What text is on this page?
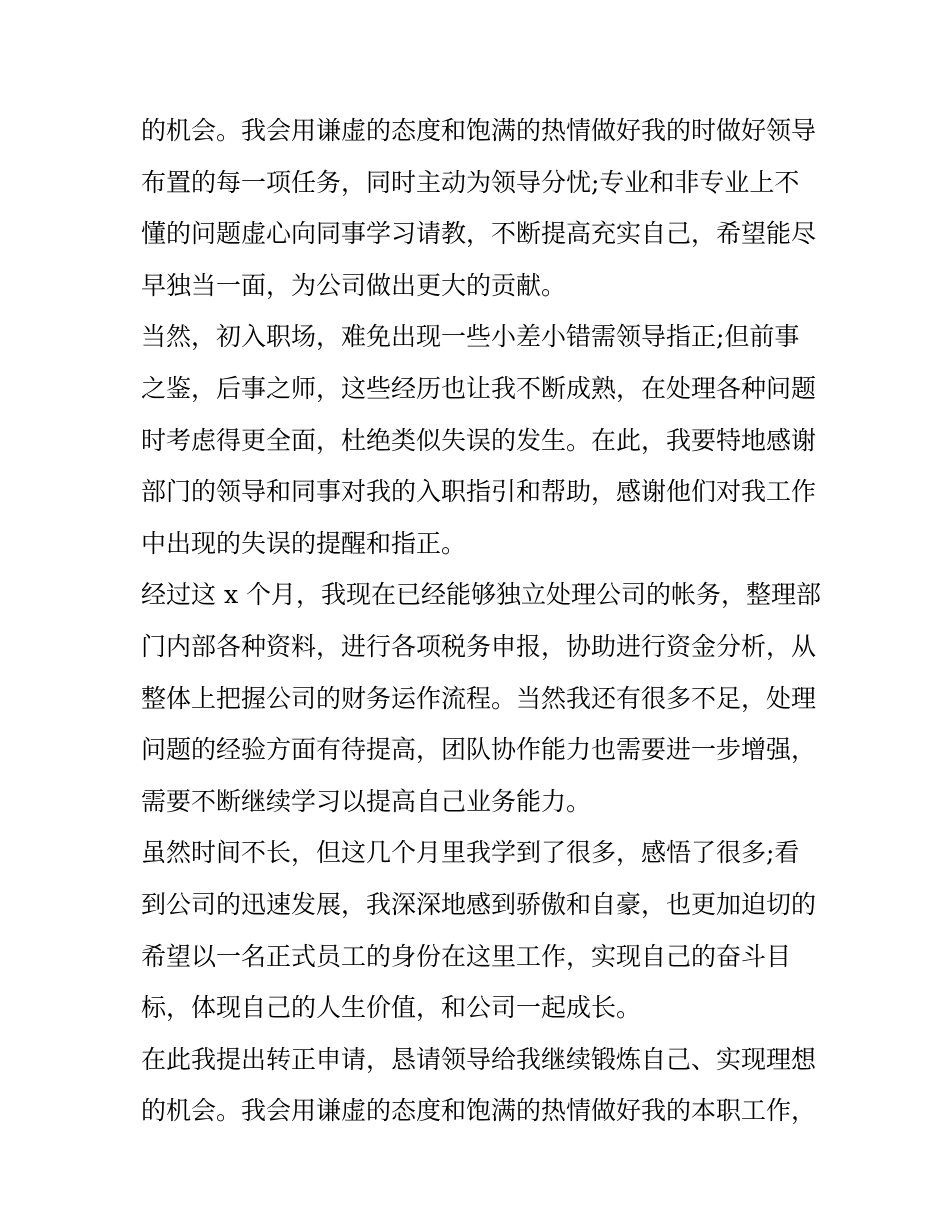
的机会。我会用谦虚的态度和饱满的热情做好我的时做好领导
布置的每一项任务，同时主动为领导分忧;专业和非专业上不
懂的问题虚心向同事学习请教，不断提高充实自己，希望能尽
早独当一面，为公司做出更大的贡献。
当然，初入职场，难免出现一些小差小错需领导指正;但前事
之鉴，后事之师，这些经历也让我不断成熟，在处理各种问题
时考虑得更全面，杜绝类似失误的发生。在此，我要特地感谢
部门的领导和同事对我的入职指引和帮助，感谢他们对我工作
中出现的失误的提醒和指正。
经过这 x 个月，我现在已经能够独立处理公司的帐务，整理部
门内部各种资料，进行各项税务申报，协助进行资金分析，从
整体上把握公司的财务运作流程。当然我还有很多不足，处理
问题的经验方面有待提高，团队协作能力也需要进一步增强，
需要不断继续学习以提高自己业务能力。
虽然时间不长，但这几个月里我学到了很多，感悟了很多;看
到公司的迅速发展，我深深地感到骄傲和自豪，也更加迫切的
希望以一名正式员工的身份在这里工作，实现自己的奋斗目
标，体现自己的人生价值，和公司一起成长。
在此我提出转正申请，恳请领导给我继续锻炼自己、实现理想
的机会。我会用谦虚的态度和饱满的热情做好我的本职工作，
